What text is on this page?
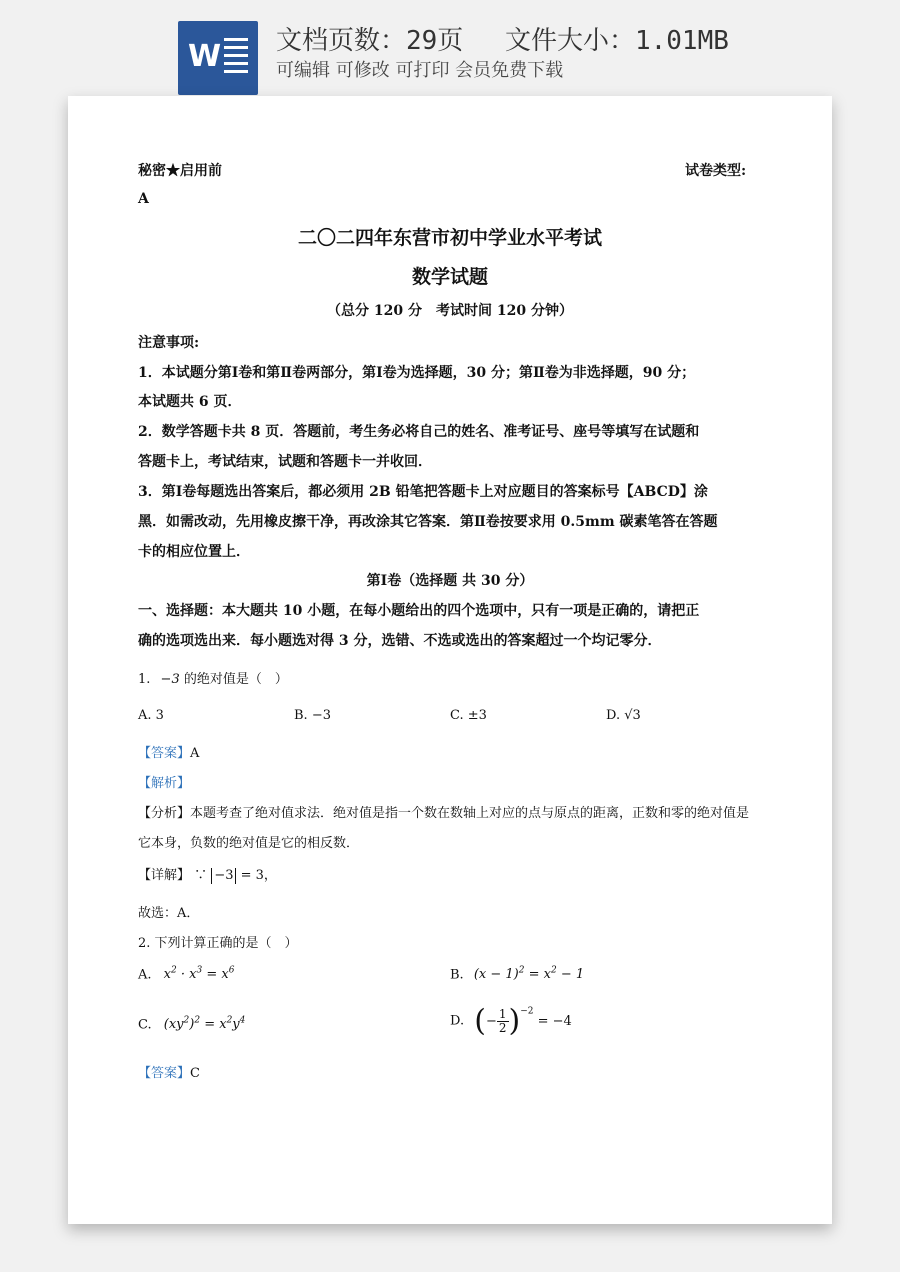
W 文档页数：29页　 文件大小：1.01MB
可编辑 可修改 可打印 会员免费下载
秘密★启用前	试卷类型:
A
二〇二四年东营市初中学业水平考试
数学试题
（总分 120 分　考试时间 120 分钟）
注意事项:
1．本试题分第Ⅰ卷和第Ⅱ卷两部分，第Ⅰ卷为选择题，30 分；第Ⅱ卷为非选择题，90 分；
本试题共 6 页．
2．数学答题卡共 8 页．答题前，考生务必将自己的姓名、准考证号、座号等填写在试题和
答题卡上，考试结束，试题和答题卡一并收回．
3．第Ⅰ卷每题选出答案后，都必须用 2B 铅笔把答题卡上对应题目的答案标号【ABCD】涂
黑．如需改动，先用橡皮擦干净，再改涂其它答案．第Ⅱ卷按要求用 0.5mm 碳素笔答在答题
卡的相应位置上．
第Ⅰ卷（选择题 共 30 分）
一、选择题：本大题共 10 小题，在每小题给出的四个选项中，只有一项是正确的，请把正
确的选项选出来．每小题选对得 3 分，选错、不选或选出的答案超过一个均记零分．
1. −3 的绝对值是（　）
A. 3	B. −3	C. ±3	D. √3
【答案】A
【解析】
【分析】本题考查了绝对值求法．绝对值是指一个数在数轴上对应的点与原点的距离，正数和零的绝对值是
它本身，负数的绝对值是它的相反数．
【详解】 ∵ −3 = 3，
故选：A．
2. 下列计算正确的是（　）
A. $x^2 \cdot x^3 = x^6$	B. $(x - 1)^2 = x^2 - 1$
C. $(xy^2)^2 = x^2y^4$	D. (− $\frac{1}{2} )^{-2} = -4$
【答案】C
